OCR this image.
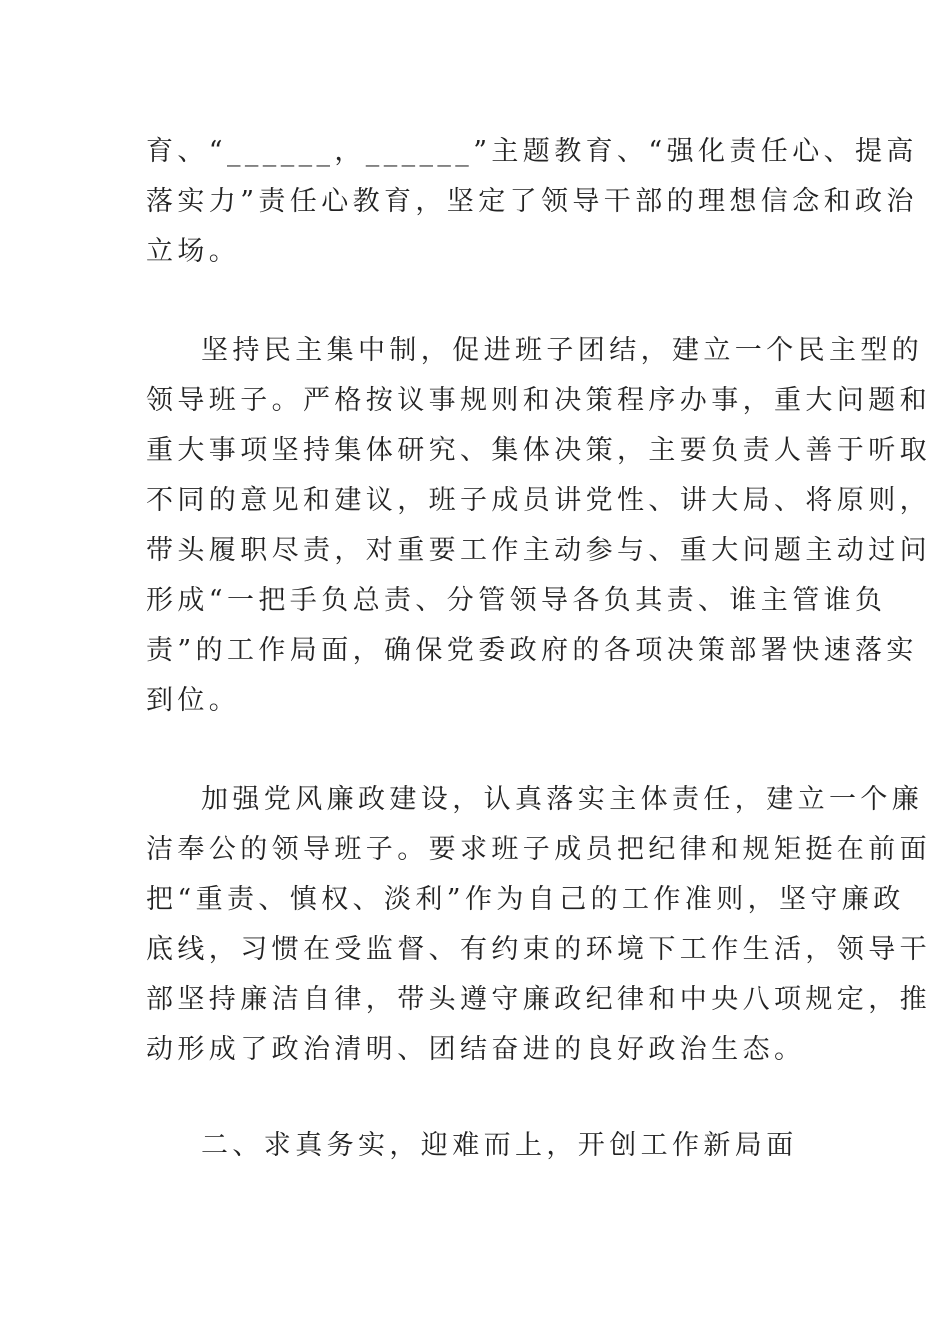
育、“______，______”主题教育、“强化责任心、提高
落实力”责任心教育，坚定了领导干部的理想信念和政治
立场。
坚持民主集中制，促进班子团结，建立一个民主型的
领导班子。严格按议事规则和决策程序办事，重大问题和
重大事项坚持集体研究、集体决策，主要负责人善于听取
不同的意见和建议，班子成员讲党性、讲大局、将原则，
带头履职尽责，对重要工作主动参与、重大问题主动过问
形成“一把手负总责、分管领导各负其责、谁主管谁负
责”的工作局面，确保党委政府的各项决策部署快速落实
到位。
加强党风廉政建设，认真落实主体责任，建立一个廉
洁奉公的领导班子。要求班子成员把纪律和规矩挺在前面
把“重责、慎权、淡利”作为自己的工作准则，坚守廉政
底线，习惯在受监督、有约束的环境下工作生活，领导干
部坚持廉洁自律，带头遵守廉政纪律和中央八项规定，推
动形成了政治清明、团结奋进的良好政治生态。
二、求真务实，迎难而上，开创工作新局面
